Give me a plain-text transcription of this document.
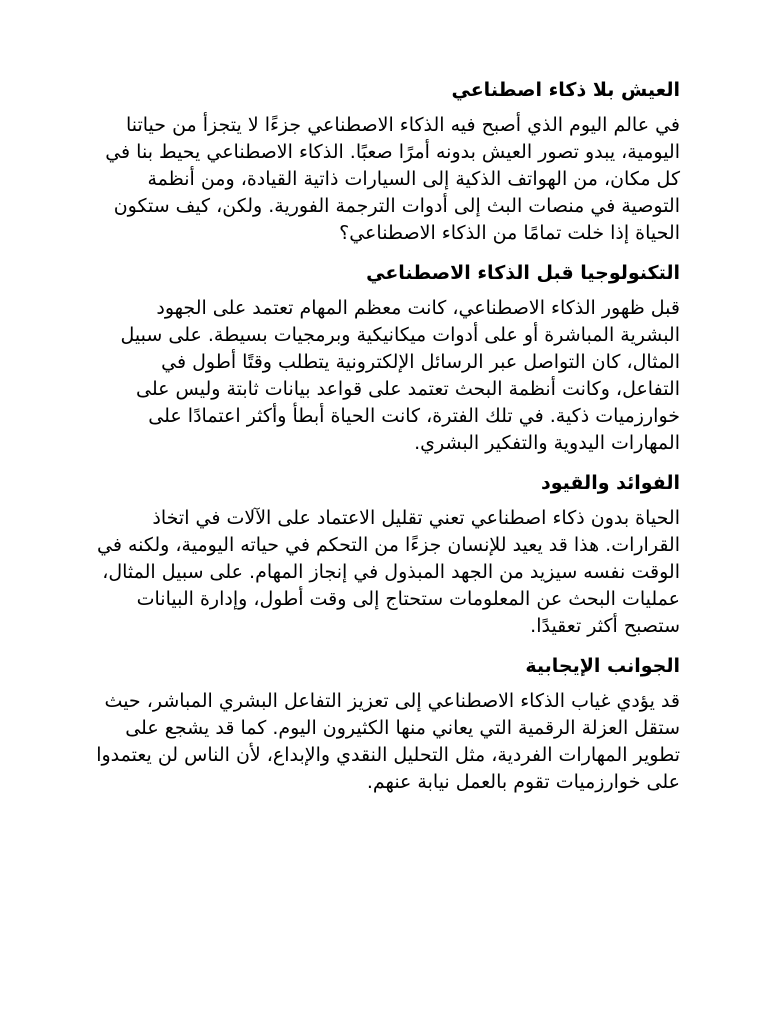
العيش بلا ذكاء اصطناعي

في عالم اليوم الذي أصبح فيه الذكاء الاصطناعي جزءًا لا يتجزأ من حياتنا اليومية، يبدو تصور العيش بدونه أمرًا صعبًا. الذكاء الاصطناعي يحيط بنا في كل مكان، من الهواتف الذكية إلى السيارات ذاتية القيادة، ومن أنظمة التوصية في منصات البث إلى أدوات الترجمة الفورية. ولكن، كيف ستكون الحياة إذا خلت تمامًا من الذكاء الاصطناعي؟

التكنولوجيا قبل الذكاء الاصطناعي

قبل ظهور الذكاء الاصطناعي، كانت معظم المهام تعتمد على الجهود البشرية المباشرة أو على أدوات ميكانيكية وبرمجيات بسيطة. على سبيل المثال، كان التواصل عبر الرسائل الإلكترونية يتطلب وقتًا أطول في التفاعل، وكانت أنظمة البحث تعتمد على قواعد بيانات ثابتة وليس على خوارزميات ذكية. في تلك الفترة، كانت الحياة أبطأ وأكثر اعتمادًا على المهارات اليدوية والتفكير البشري.

الفوائد والقيود

الحياة بدون ذكاء اصطناعي تعني تقليل الاعتماد على الآلات في اتخاذ القرارات. هذا قد يعيد للإنسان جزءًا من التحكم في حياته اليومية، ولكنه في الوقت نفسه سيزيد من الجهد المبذول في إنجاز المهام. على سبيل المثال، عمليات البحث عن المعلومات ستحتاج إلى وقت أطول، وإدارة البيانات ستصبح أكثر تعقيدًا.

الجوانب الإيجابية

قد يؤدي غياب الذكاء الاصطناعي إلى تعزيز التفاعل البشري المباشر، حيث ستقل العزلة الرقمية التي يعاني منها الكثيرون اليوم. كما قد يشجع على تطوير المهارات الفردية، مثل التحليل النقدي والإبداع، لأن الناس لن يعتمدوا على خوارزميات تقوم بالعمل نيابة عنهم.
